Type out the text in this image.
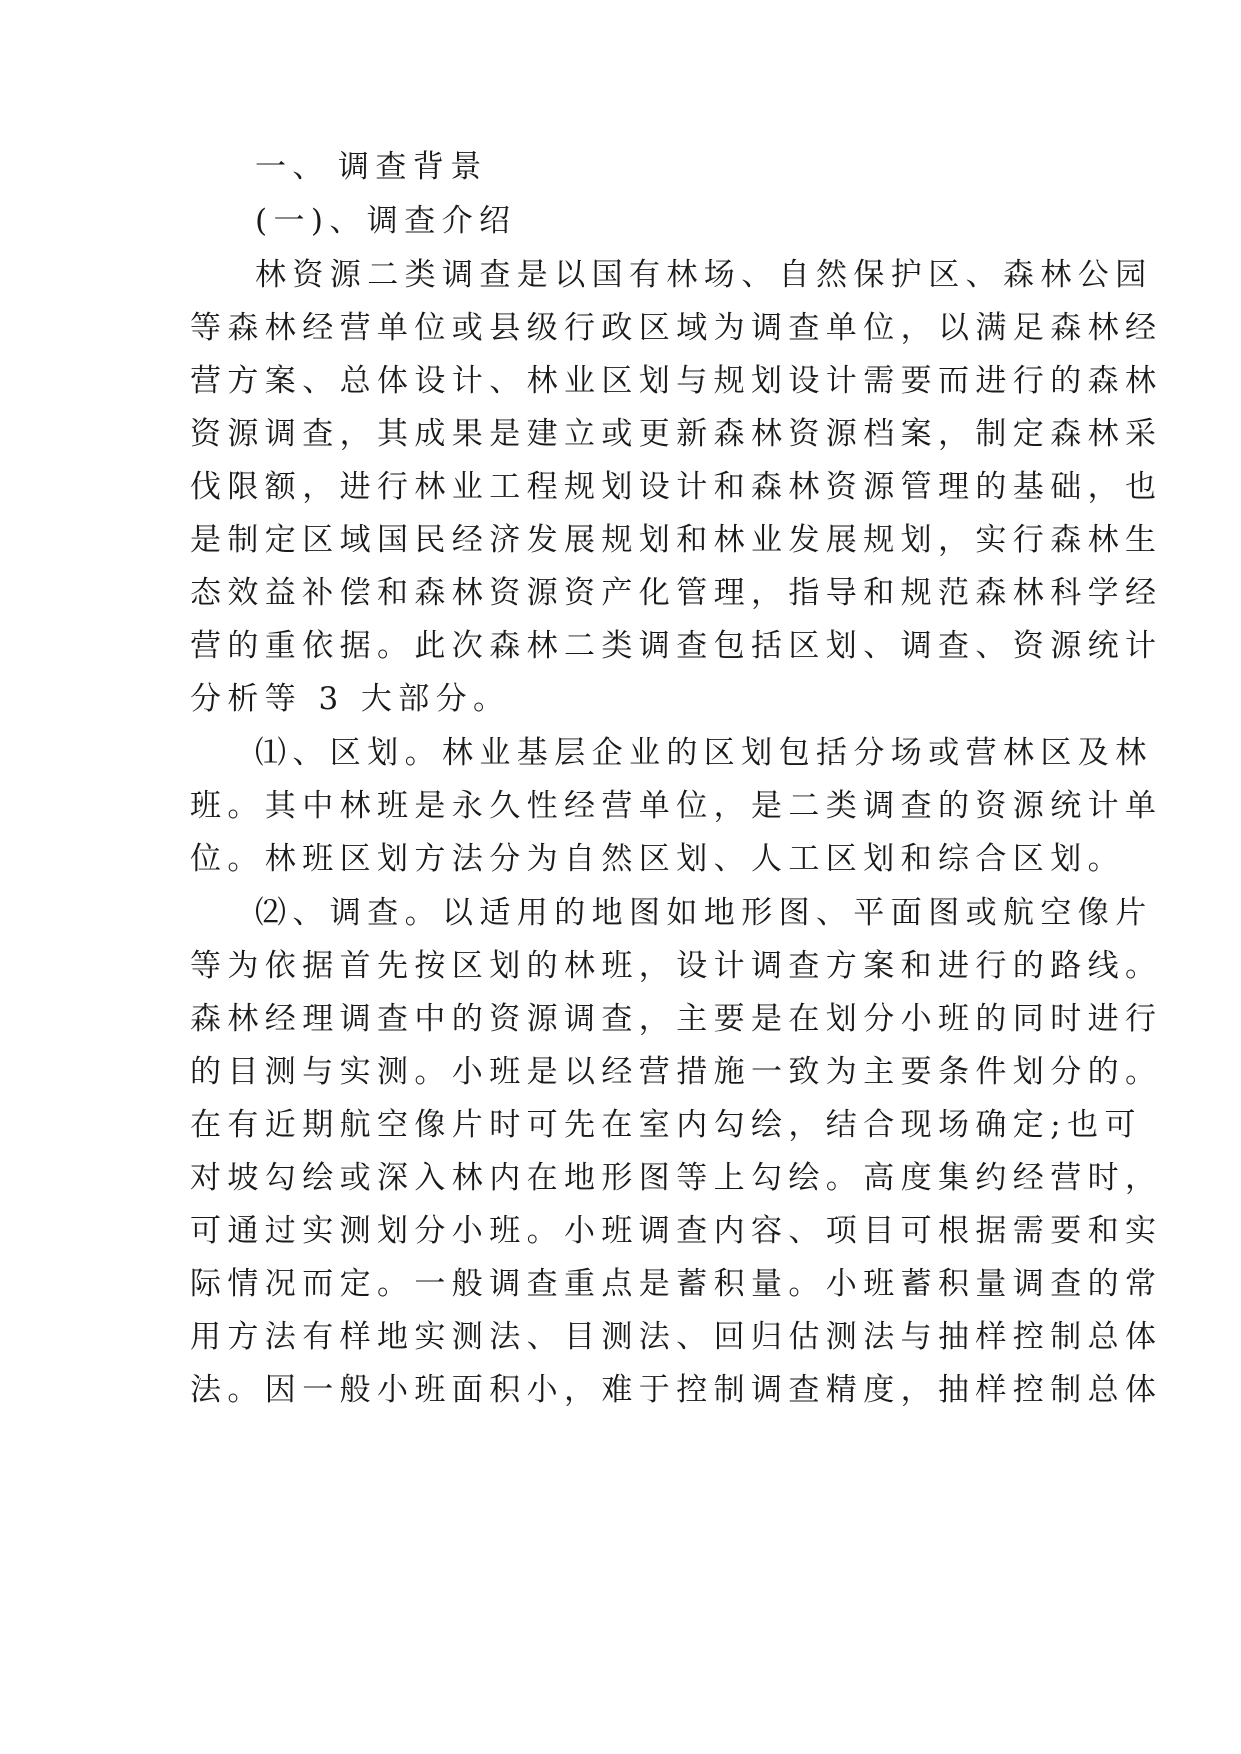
一、 调查背景
(一)、调查介绍
林资源二类调查是以国有林场、自然保护区、森林公园
等森林经营单位或县级行政区域为调查单位，以满足森林经
营方案、总体设计、林业区划与规划设计需要而进行的森林
资源调查，其成果是建立或更新森林资源档案，制定森林采
伐限额，进行林业工程规划设计和森林资源管理的基础，也
是制定区域国民经济发展规划和林业发展规划，实行森林生
态效益补偿和森林资源资产化管理，指导和规范森林科学经
营的重依据。此次森林二类调查包括区划、调查、资源统计
分析等 3 大部分。
⑴、区划。林业基层企业的区划包括分场或营林区及林
班。其中林班是永久性经营单位，是二类调查的资源统计单
位。林班区划方法分为自然区划、人工区划和综合区划。
⑵、调查。以适用的地图如地形图、平面图或航空像片
等为依据首先按区划的林班，设计调查方案和进行的路线。
森林经理调查中的资源调查，主要是在划分小班的同时进行
的目测与实测。小班是以经营措施一致为主要条件划分的。
在有近期航空像片时可先在室内勾绘，结合现场确定;也可
对坡勾绘或深入林内在地形图等上勾绘。高度集约经营时，
可通过实测划分小班。小班调查内容、项目可根据需要和实
际情况而定。一般调查重点是蓄积量。小班蓄积量调查的常
用方法有样地实测法、目测法、回归估测法与抽样控制总体
法。因一般小班面积小，难于控制调查精度，抽样控制总体
